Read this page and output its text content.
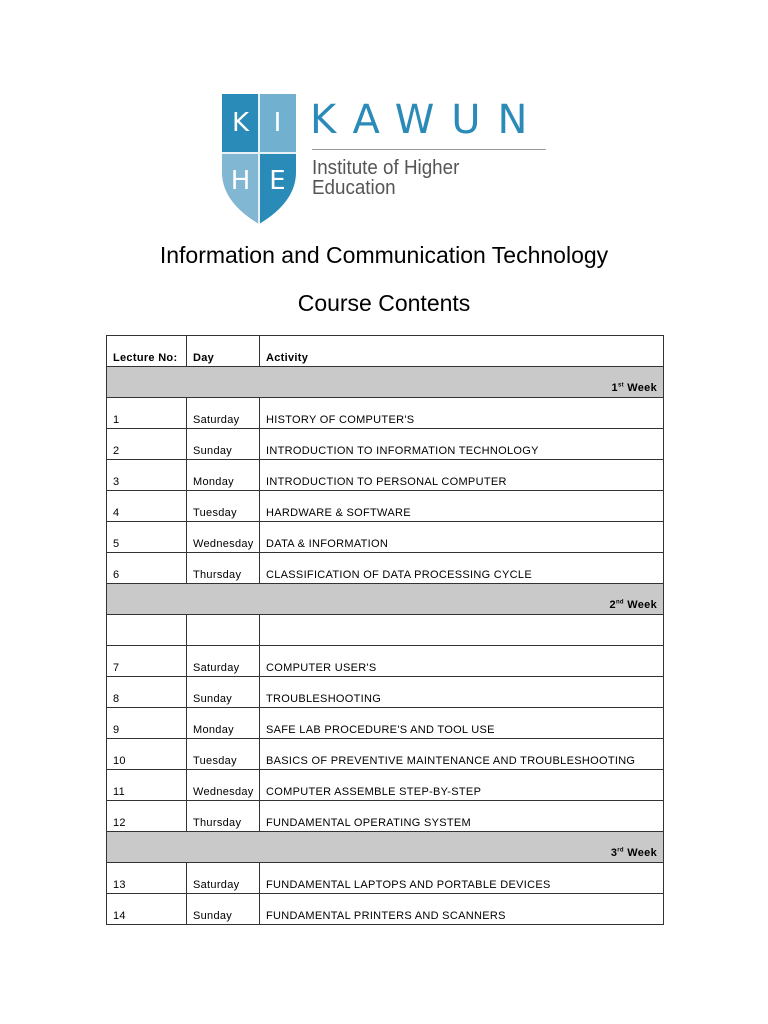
K I
H E
KAWUN
Institute of Higher Education
Information and Communication Technology
Course Contents
Lecture No:	Day	Activity
1st Week		
1	Saturday	HISTORY OF COMPUTER'S
2	Sunday	INTRODUCTION TO INFORMATION TECHNOLOGY
3	Monday	INTRODUCTION TO PERSONAL COMPUTER
4	Tuesday	HARDWARE & SOFTWARE
5	Wednesday	DATA & INFORMATION
6	Thursday	CLASSIFICATION OF DATA PROCESSING CYCLE
2nd Week		

7	Saturday	COMPUTER USER'S
8	Sunday	TROUBLESHOOTING
9	Monday	SAFE LAB PROCEDURE'S AND TOOL USE
10	Tuesday	BASICS OF PREVENTIVE MAINTENANCE AND TROUBLESHOOTING
11	Wednesday	COMPUTER ASSEMBLE STEP-BY-STEP
12	Thursday	FUNDAMENTAL OPERATING SYSTEM
3rd Week		
13	Saturday	FUNDAMENTAL LAPTOPS AND PORTABLE DEVICES
14	Sunday	FUNDAMENTAL PRINTERS AND SCANNERS
